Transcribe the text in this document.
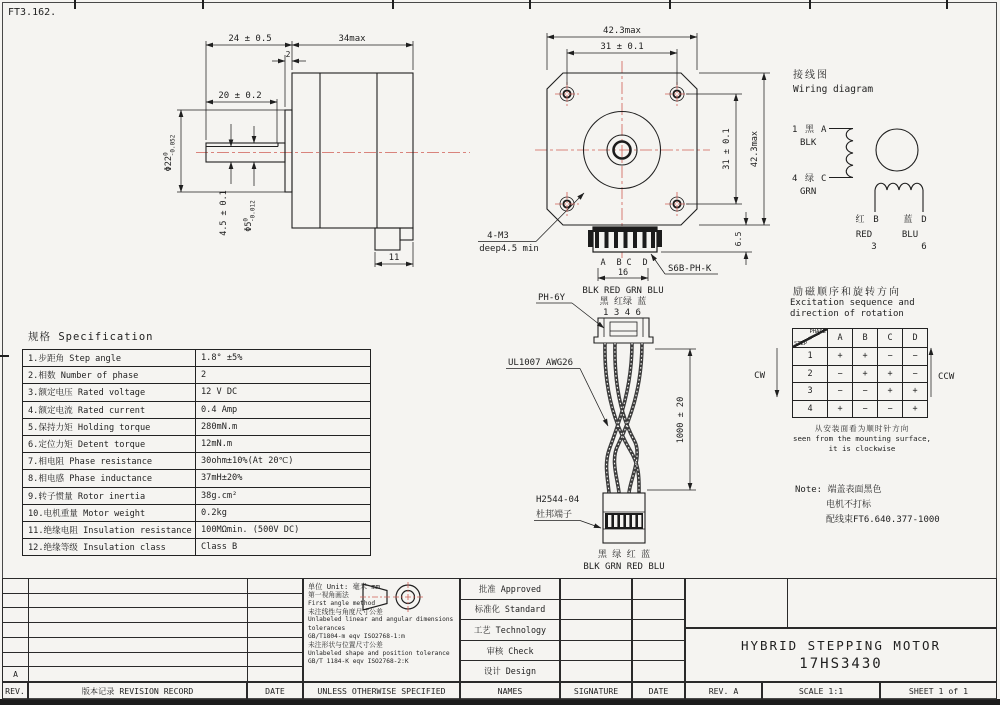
24 ± 0.5	34max
2
20 ± 0.2
$\Phi 22^0-0.052$
4.5 ± 0.1 $\Phi 5^0-0.012$
11
4-M3
deep4.5 min
A B C D
16	S6B-PH-K
42.3max
31 ± 0.1
31 ± 0.1 42.3max
6.5
BLK RED GRN BLU
黑 红绿 蓝
1 3 4 6
黑 绿 红 蓝
BLK GRN RED BLU
PH-6Y
UL1007 AWG26
H2544-04
杜邦端子
1000 ± 20
接线图
Wiring diagram
1 黑 A
BLK
4 绿 C
GRN
红 B
RED
3
蓝 D
BLU
6
CW	CCW
FT3.162.
规格 Specification
1.步距角 Step angle	1.8° ±5%
2.相数 Number of phase	2
3.额定电压 Rated voltage	12 V DC
4.额定电流 Rated current	0.4 Amp
5.保持力矩 Holding torque	280mN.m
6.定位力矩 Detent torque	12mN.m
7.相电阻 Phase resistance	30ohm±10%(At 20℃)
8.相电感 Phase inductance	37mH±20%
9.转子惯量 Rotor inertia	38g.cm²
10.电机重量 Motor weight	0.2kg
11.绝缘电阻 Insulation resistance	100MΩmin. (500V DC)
12.绝缘等级 Insulation class	Class B
励磁顺序和旋转方向
Excitation sequence and
direction of rotation
PHASE
STEP	A	B	C	D
1	+	+	−	−
2	−	+	+	−
3	−	−	+	+
4	+	−	−	+
从安装面看为顺时针方向
seen from the mounting surface,
it is clockwise
Note: 端盖表面黑色
电机不打标
配线束FT6.640.377-1000
A
单位 Unit: 毫米 mm
第一视角画法
First angle method
未注线性与角度尺寸公差
Unlabeled linear and angular dimensions
tolerances
GB/T1804-m eqv ISO2768-1:m
未注形状与位置尺寸公差
Unlabeled shape and position tolerance
GB/T 1184-K eqv ISO2768-2:K
批准 Approved
标准化 Standard
工艺 Technology
审核 Check
设计 Design
HYBRID STEPPING MOTOR
17HS3430
REV.	版本记录 REVISION RECORD	DATE	UNLESS OTHERWISE SPECIFIED	NAMES	SIGNATURE	DATE	REV. A	SCALE 1:1	SHEET 1 of 1
